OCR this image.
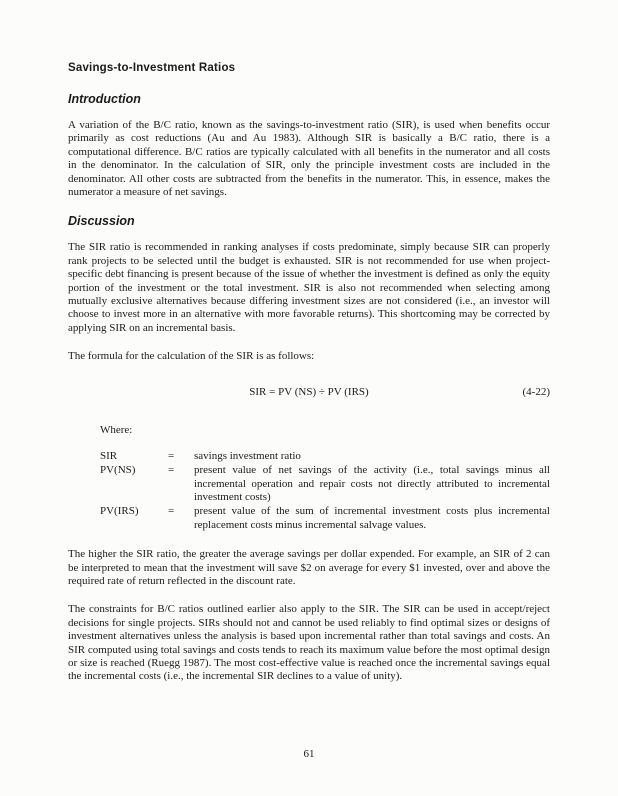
Savings-to-Investment Ratios
Introduction

A variation of the B/C ratio, known as the savings-to-investment ratio (SIR), is used when benefits occur primarily as cost reductions (Au and Au 1983). Although SIR is basically a B/C ratio, there is a computational difference. B/C ratios are typically calculated with all benefits in the numerator and all costs in the denominator. In the calculation of SIR, only the principle investment costs are included in the denominator. All other costs are subtracted from the benefits in the numerator. This, in essence, makes the numerator a measure of net savings.

Discussion

The SIR ratio is recommended in ranking analyses if costs predominate, simply because SIR can properly rank projects to be selected until the budget is exhausted. SIR is not recommended for use when project-specific debt financing is present because of the issue of whether the investment is defined as only the equity portion of the investment or the total investment. SIR is also not recommended when selecting among mutually exclusive alternatives because differing investment sizes are not considered (i.e., an investor will choose to invest more in an alternative with more favorable returns). This shortcoming may be corrected by applying SIR on an incremental basis.

The formula for the calculation of the SIR is as follows:

SIR = PV (NS) ÷ PV (IRS)	(4-22)

Where:

SIR	=	savings investment ratio
PV(NS)	=	present value of net savings of the activity (i.e., total savings minus all incremental operation and repair costs not directly attributed to incremental investment costs)
PV(IRS)	=	present value of the sum of incremental investment costs plus incremental replacement costs minus incremental salvage values.

The higher the SIR ratio, the greater the average savings per dollar expended. For example, an SIR of 2 can be interpreted to mean that the investment will save $2 on average for every $1 invested, over and above the required rate of return reflected in the discount rate.

The constraints for B/C ratios outlined earlier also apply to the SIR. The SIR can be used in accept/reject decisions for single projects. SIRs should not and cannot be used reliably to find optimal sizes or designs of investment alternatives unless the analysis is based upon incremental rather than total savings and costs. An SIR computed using total savings and costs tends to reach its maximum value before the most optimal design or size is reached (Ruegg 1987). The most cost-effective value is reached once the incremental savings equal the incremental costs (i.e., the incremental SIR declines to a value of unity).

61
